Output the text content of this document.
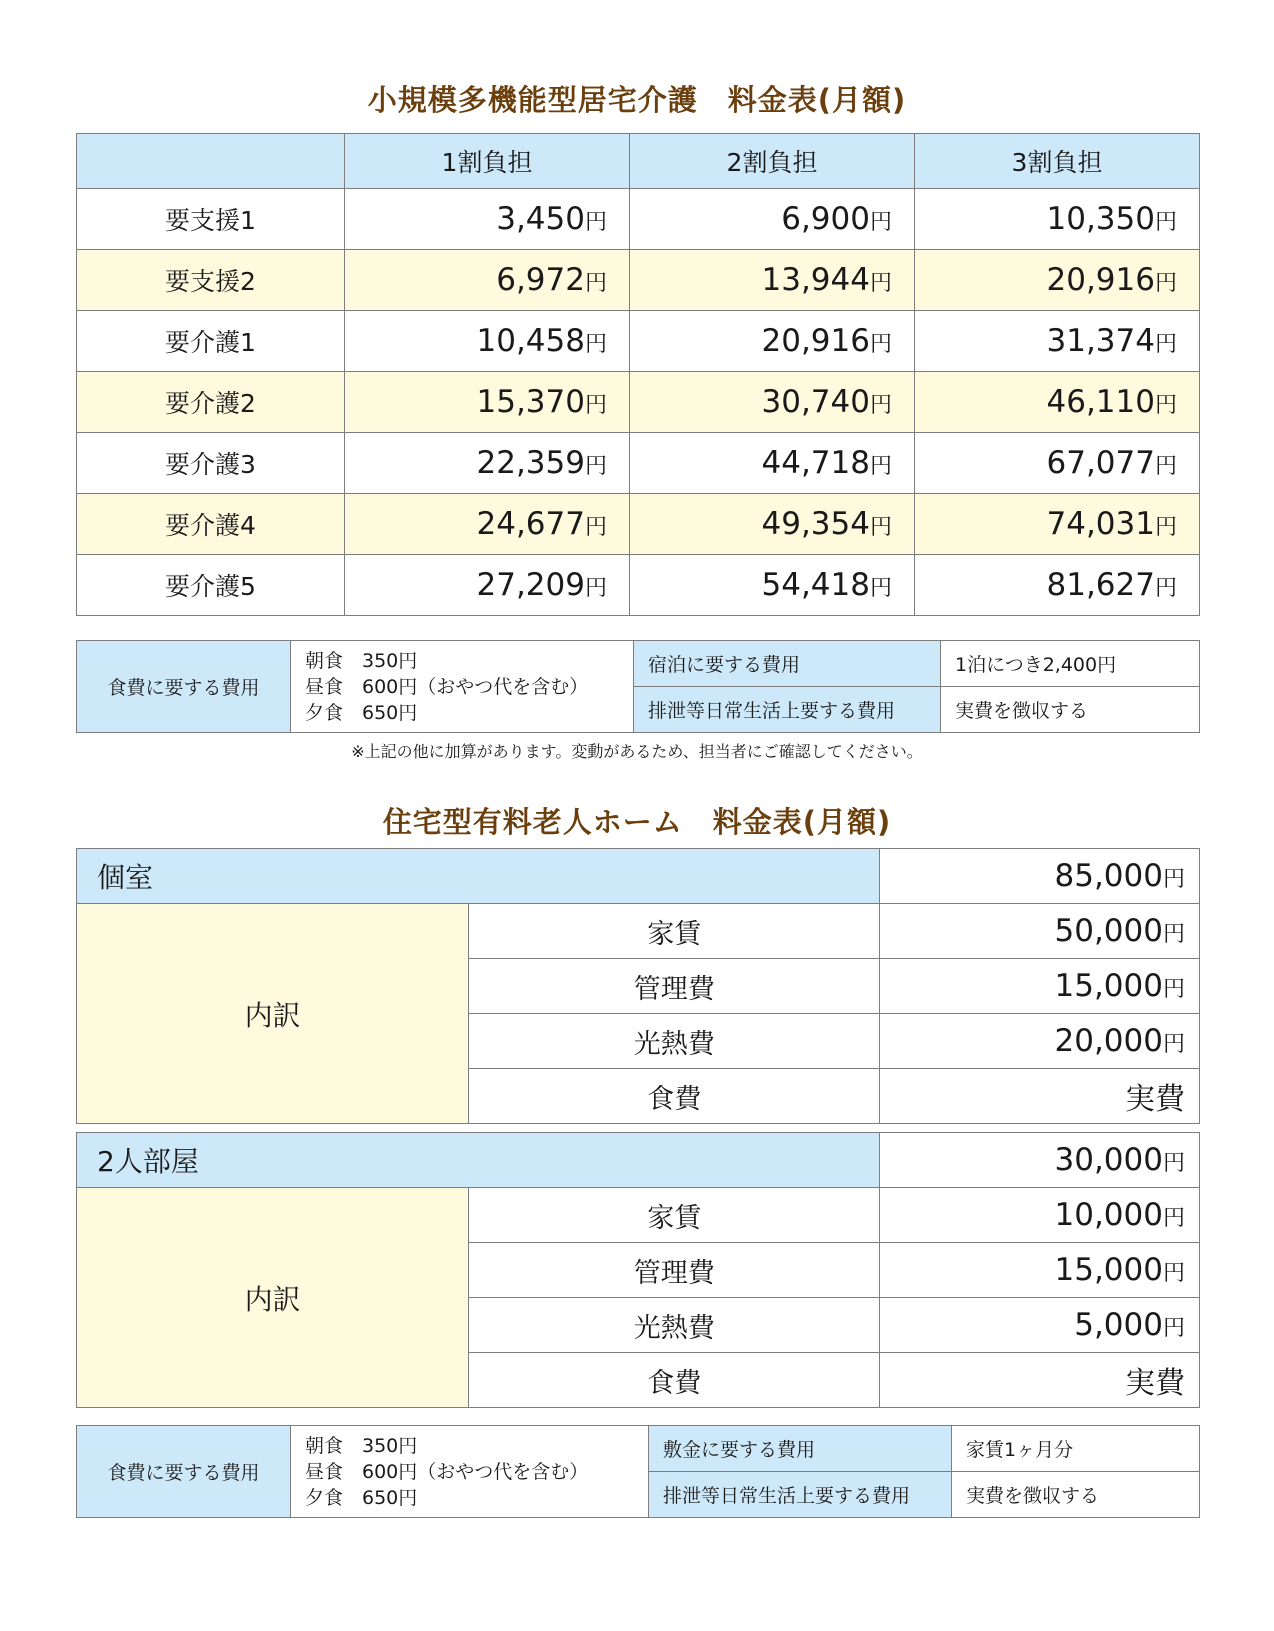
小規模多機能型居宅介護　料金表(月額)
	1割負担	2割負担	3割負担
要支援1	3,450円	6,900円	10,350円
要支援2	6,972円	13,944円	20,916円
要介護1	10,458円	20,916円	31,374円
要介護2	15,370円	30,740円	46,110円
要介護3	22,359円	44,718円	67,077円
要介護4	24,677円	49,354円	74,031円
要介護5	27,209円	54,418円	81,627円
食費に要する費用	朝食　350円
昼食　600円（おやつ代を含む）
夕食　650円	宿泊に要する費用	1泊につき2,400円
		排泄等日常生活上要する費用	実費を徴収する
※上記の他に加算があります。変動があるため、担当者にご確認してください。
住宅型有料老人ホーム　料金表(月額)
個室		85,000円
内訳	家賃	50,000円
	管理費	15,000円
	光熱費	20,000円
	食費	実費
2人部屋		30,000円
内訳	家賃	10,000円
	管理費	15,000円
	光熱費	5,000円
	食費	実費
食費に要する費用	朝食　350円
昼食　600円（おやつ代を含む）
夕食　650円	敷金に要する費用	家賃1ヶ月分
		排泄等日常生活上要する費用	実費を徴収する
